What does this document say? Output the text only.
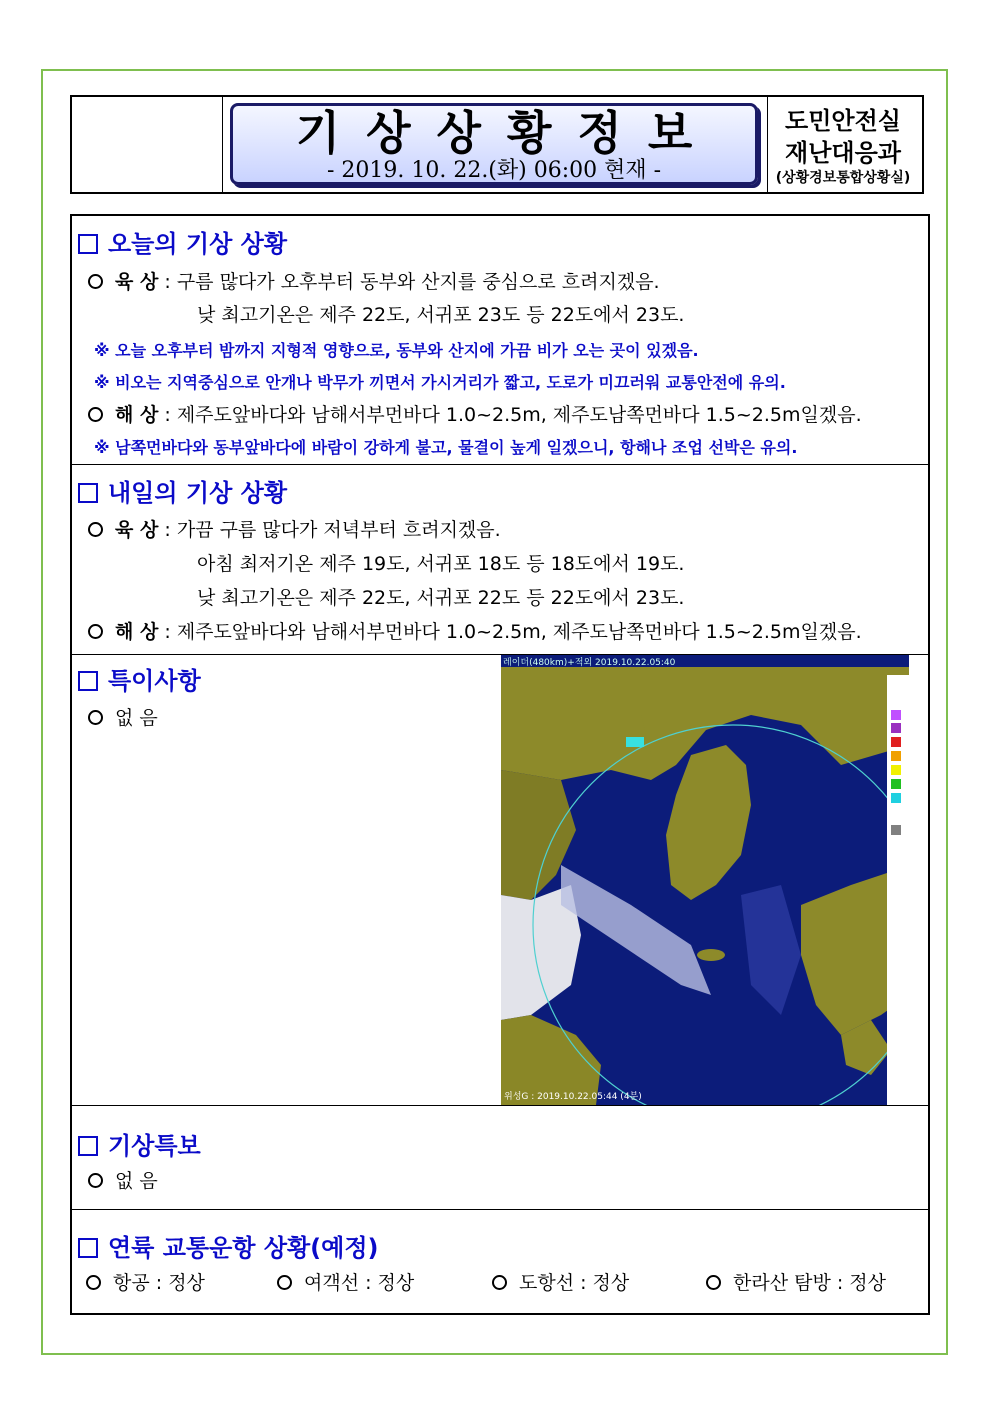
기상상황정보
- 2019. 10. 22.(화) 06:00 현재 -
도민안전실
재난대응과
(상황경보통합상황실)
오늘의 기상 상황
육 상 : 구름 많다가 오후부터 동부와 산지를 중심으로 흐려지겠음.
낮 최고기온은 제주 22도, 서귀포 23도 등 22도에서 23도.
※ 오늘 오후부터 밤까지 지형적 영향으로, 동부와 산지에 가끔 비가 오는 곳이 있겠음.
※ 비오는 지역중심으로 안개나 박무가 끼면서 가시거리가 짧고, 도로가 미끄러워 교통안전에 유의.
해 상 : 제주도앞바다와 남해서부먼바다 1.0~2.5m, 제주도남쪽먼바다 1.5~2.5m일겠음.
※ 남쪽먼바다와 동부앞바다에 바람이 강하게 불고, 물결이 높게 일겠으니, 항해나 조업 선박은 유의.
내일의 기상 상황
육 상 : 가끔 구름 많다가 저녁부터 흐려지겠음.
아침 최저기온 제주 19도, 서귀포 18도 등 18도에서 19도.
낮 최고기온은 제주 22도, 서귀포 22도 등 22도에서 23도.
해 상 : 제주도앞바다와 남해서부먼바다 1.0~2.5m, 제주도남쪽먼바다 1.5~2.5m일겠음.
특이사항
없 음
레이더(480km)+적외 2019.10.22.05:40
위성G : 2019.10.22.05:44 (4분)
기상특보
없 음
연륙 교통운항 상황(예정)
항공 : 정상	여객선 : 정상	도항선 : 정상	한라산 탐방 : 정상
